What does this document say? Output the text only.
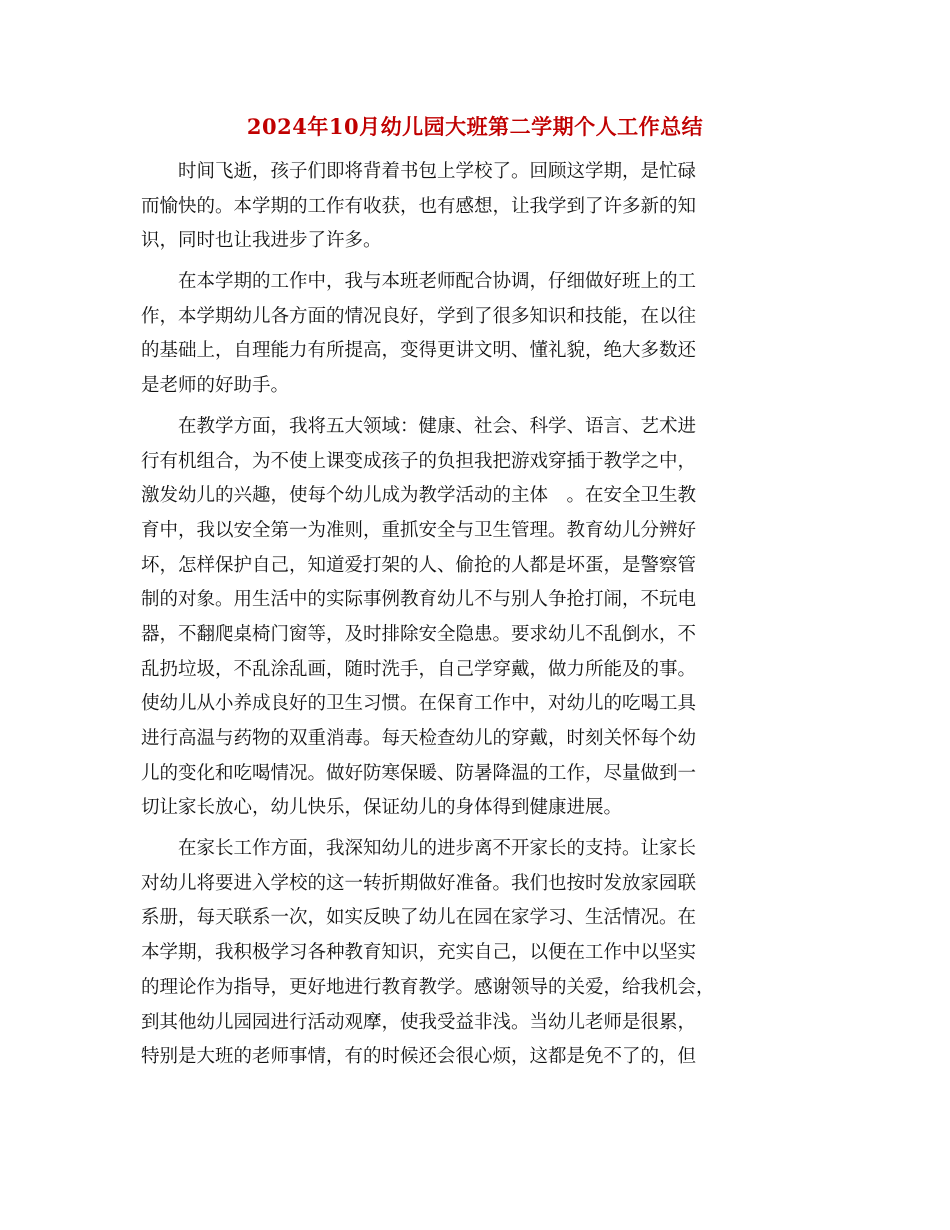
2024年10月幼儿园大班第二学期个人工作总结
　　时间飞逝，孩子们即将背着书包上学校了。回顾这学期，是忙碌
而愉快的。本学期的工作有收获，也有感想，让我学到了许多新的知
识，同时也让我进步了许多。
　　在本学期的工作中，我与本班老师配合协调，仔细做好班上的工
作，本学期幼儿各方面的情况良好，学到了很多知识和技能，在以往
的基础上，自理能力有所提高，变得更讲文明、懂礼貌，绝大多数还
是老师的好助手。
　　在教学方面，我将五大领域：健康、社会、科学、语言、艺术进
行有机组合，为不使上课变成孩子的负担我把游戏穿插于教学之中，
激发幼儿的兴趣，使每个幼儿成为教学活动的主体　。在安全卫生教
育中，我以安全第一为准则，重抓安全与卫生管理。教育幼儿分辨好
坏，怎样保护自己，知道爱打架的人、偷抢的人都是坏蛋，是警察管
制的对象。用生活中的实际事例教育幼儿不与别人争抢打闹，不玩电
器，不翻爬桌椅门窗等，及时排除安全隐患。要求幼儿不乱倒水，不
乱扔垃圾，不乱涂乱画，随时洗手，自己学穿戴，做力所能及的事。
使幼儿从小养成良好的卫生习惯。在保育工作中，对幼儿的吃喝工具
进行高温与药物的双重消毒。每天检查幼儿的穿戴，时刻关怀每个幼
儿的变化和吃喝情况。做好防寒保暖、防暑降温的工作，尽量做到一
切让家长放心，幼儿快乐，保证幼儿的身体得到健康进展。
　　在家长工作方面，我深知幼儿的进步离不开家长的支持。让家长
对幼儿将要进入学校的这一转折期做好准备。我们也按时发放家园联
系册，每天联系一次，如实反映了幼儿在园在家学习、生活情况。在
本学期，我积极学习各种教育知识，充实自己，以便在工作中以坚实
的理论作为指导，更好地进行教育教学。感谢领导的关爱，给我机会，
到其他幼儿园园进行活动观摩，使我受益非浅。当幼儿老师是很累，
特别是大班的老师事情，有的时候还会很心烦，这都是免不了的，但
